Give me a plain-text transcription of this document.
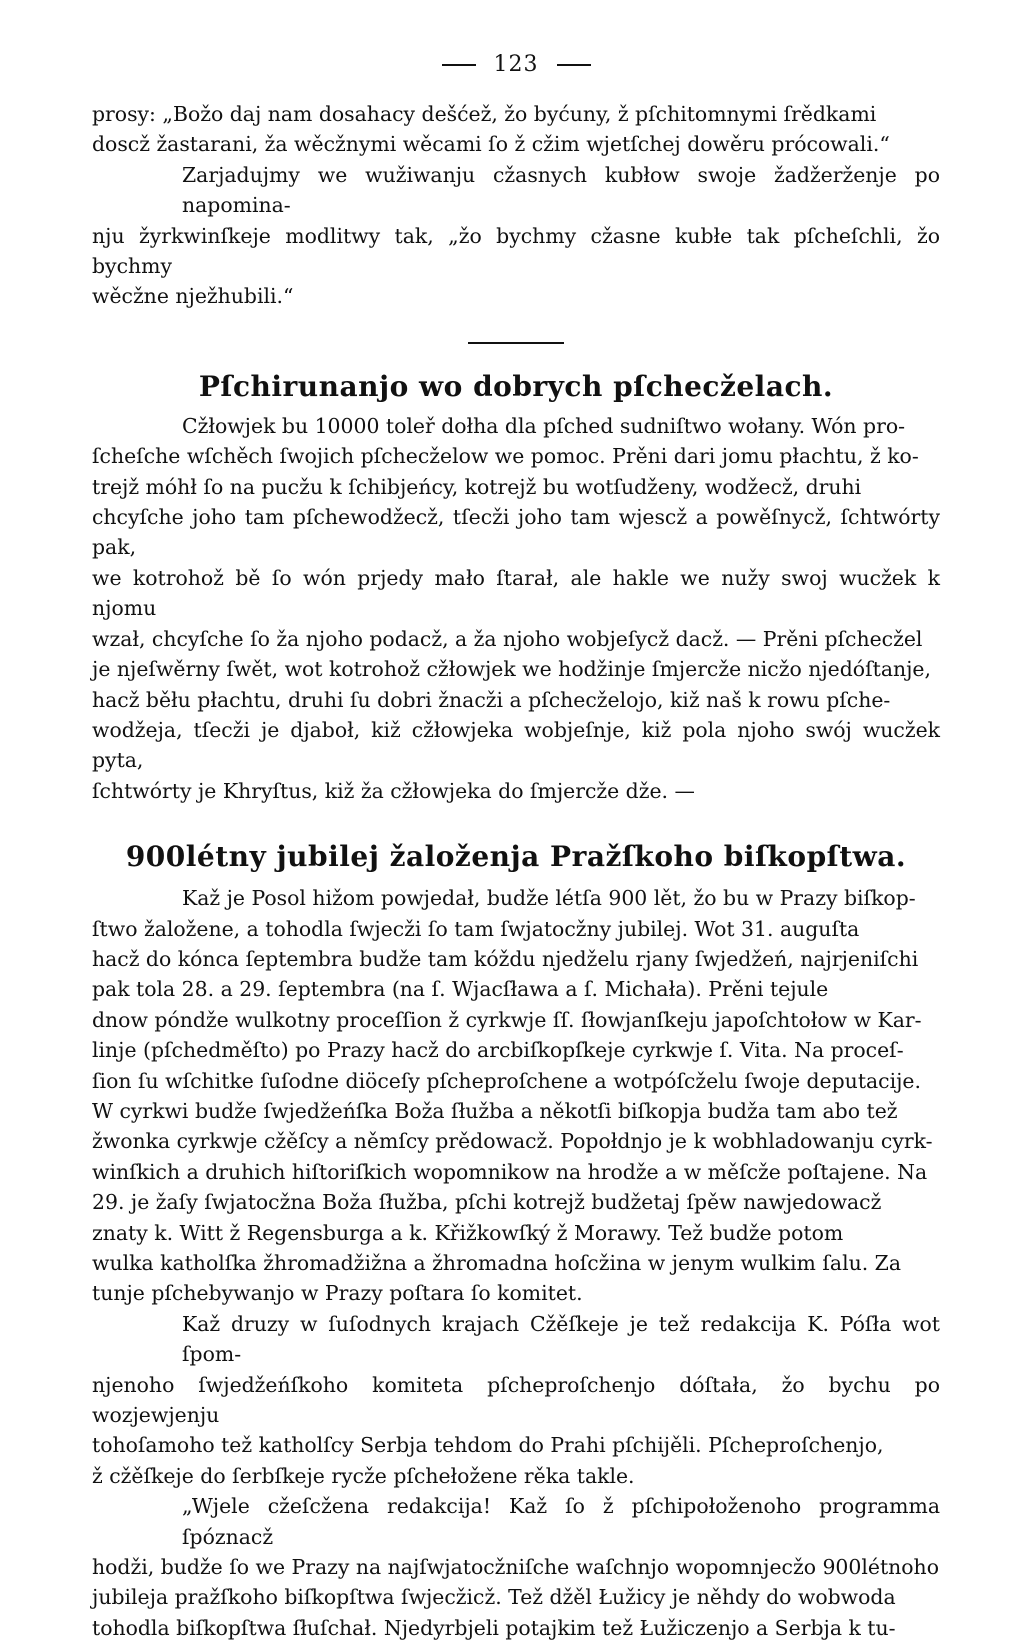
123
prosy: „Božo daj nam dosahacy dešćež, žo byćuny, ž pſchitomnymi ſrědkami
doscž žastarani, ža wěcžnymi wěcami ſo ž cžim wjetſchej dowěru prócowali.“
Zarjadujmy we wužiwanju cžasnych kubłow swoje žadžerženje po napomina-
nju žyrkwinſkeje modlitwy tak, „žo bychmy cžasne kubłe tak pſcheſchli, žo bychmy
wěcžne nježhubili.“
Pſchirunanjo wo dobrych pſchecželach.
Cžłowjek bu 10000 toleř dołha dla pſched sudniſtwo wołany. Wón pro-
ſcheſche wſchěch ſwojich pſchecželow we pomoc. Prěni dari jomu płachtu, ž ko-
trejž móhł ſo na pucžu k ſchibjeńcy, kotrejž bu wotſudženy, wodžecž, druhi
chcyſche joho tam pſchewodžecž, tſecži joho tam wjescž a powěſnycž, ſchtwórty pak,
we kotrohož bě ſo wón prjedy mało ſtarał, ale hakle we nužy swoj wucžek k njomu
wzał, chcyſche ſo ža njoho podacž, a ža njoho wobjeſycž dacž. — Prěni pſchecžel
je njeſwěrny ſwět, wot kotrohož cžłowjek we hodžinje ſmjercže nicžo njedóſtanje,
hacž běłu płachtu, druhi ſu dobri žnacži a pſchecželojo, kiž naš k rowu pſche-
wodžeja, tſecži je djaboł, kiž cžłowjeka wobjeſnje, kiž pola njoho swój wucžek pyta,
ſchtwórty je Khryſtus, kiž ža cžłowjeka do ſmjercže dže. —
900létny jubilej žaloženja Pražſkoho biſkopſtwa.
Kaž je Posol hižom powjedał, budže létſa 900 lět, žo bu w Prazy biſkop-
ſtwo žaložene, a tohodla ſwjecži ſo tam ſwjatocžny jubilej. Wot 31. auguſta
hacž do kónca ſeptembra budže tam kóždu njedželu rjany ſwjedžeń, najrjeniſchi
pak tola 28. a 29. ſeptembra (na ſ. Wjacſława a ſ. Michała). Prěni tejule
dnow póndže wulkotny proceſſion ž cyrkwje ſſ. ſłowjanſkeju japoſchtołow w Kar-
linje (pſchedměſto) po Prazy hacž do arcbiſkopſkeje cyrkwje ſ. Vita. Na proceſ-
ſion ſu wſchitke ſuſodne diöceſy pſcheproſchene a wotpóſcželu ſwoje deputacije.
W cyrkwi budže ſwjedžeńſka Boža ſłužba a někotſi biſkopja budža tam abo tež
žwonka cyrkwje cžěſcy a němſcy prědowacž. Popołdnjo je k wobhladowanju cyrk-
winſkich a druhich hiſtoriſkich wopomnikow na hrodže a w měſcže poſtajene. Na
29. je žaſy ſwjatocžna Boža ſłužba, pſchi kotrejž budžetaj ſpěw nawjedowacž
znaty k. Witt ž Regensburga a k. Křižkowſký ž Morawy. Tež budže potom
wulka katholſka žhromadžižna a žhromadna hoſcžina w jenym wulkim ſalu. Za
tunje pſchebywanjo w Prazy poſtara ſo komitet.
Kaž druzy w ſuſodnych krajach Cžěſkeje je tež redakcija K. Póſła wot ſpom-
njenoho ſwjedžeńſkoho komiteta pſcheproſchenjo dóſtała, žo bychu po wozjewjenju
tohoſamoho tež katholſcy Serbja tehdom do Prahi pſchijěli. Pſcheproſchenjo,
ž cžěſkeje do ſerbſkeje rycže pſchełožene rěka takle.
„Wjele cžeſcžena redakcija! Kaž ſo ž pſchipołoženoho programma ſpóznacž
hodži, budže ſo we Prazy na najſwjatocžniſche waſchnjo wopomnjecžo 900létnoho
jubileja pražſkoho biſkopſtwa ſwjecžicž. Tež džěl Łužicy je něhdy do wobwoda
tohodla biſkopſtwa ſłuſchał. Njedyrbjeli potajkim tež Łužiczenjo a Serbja k tu-
